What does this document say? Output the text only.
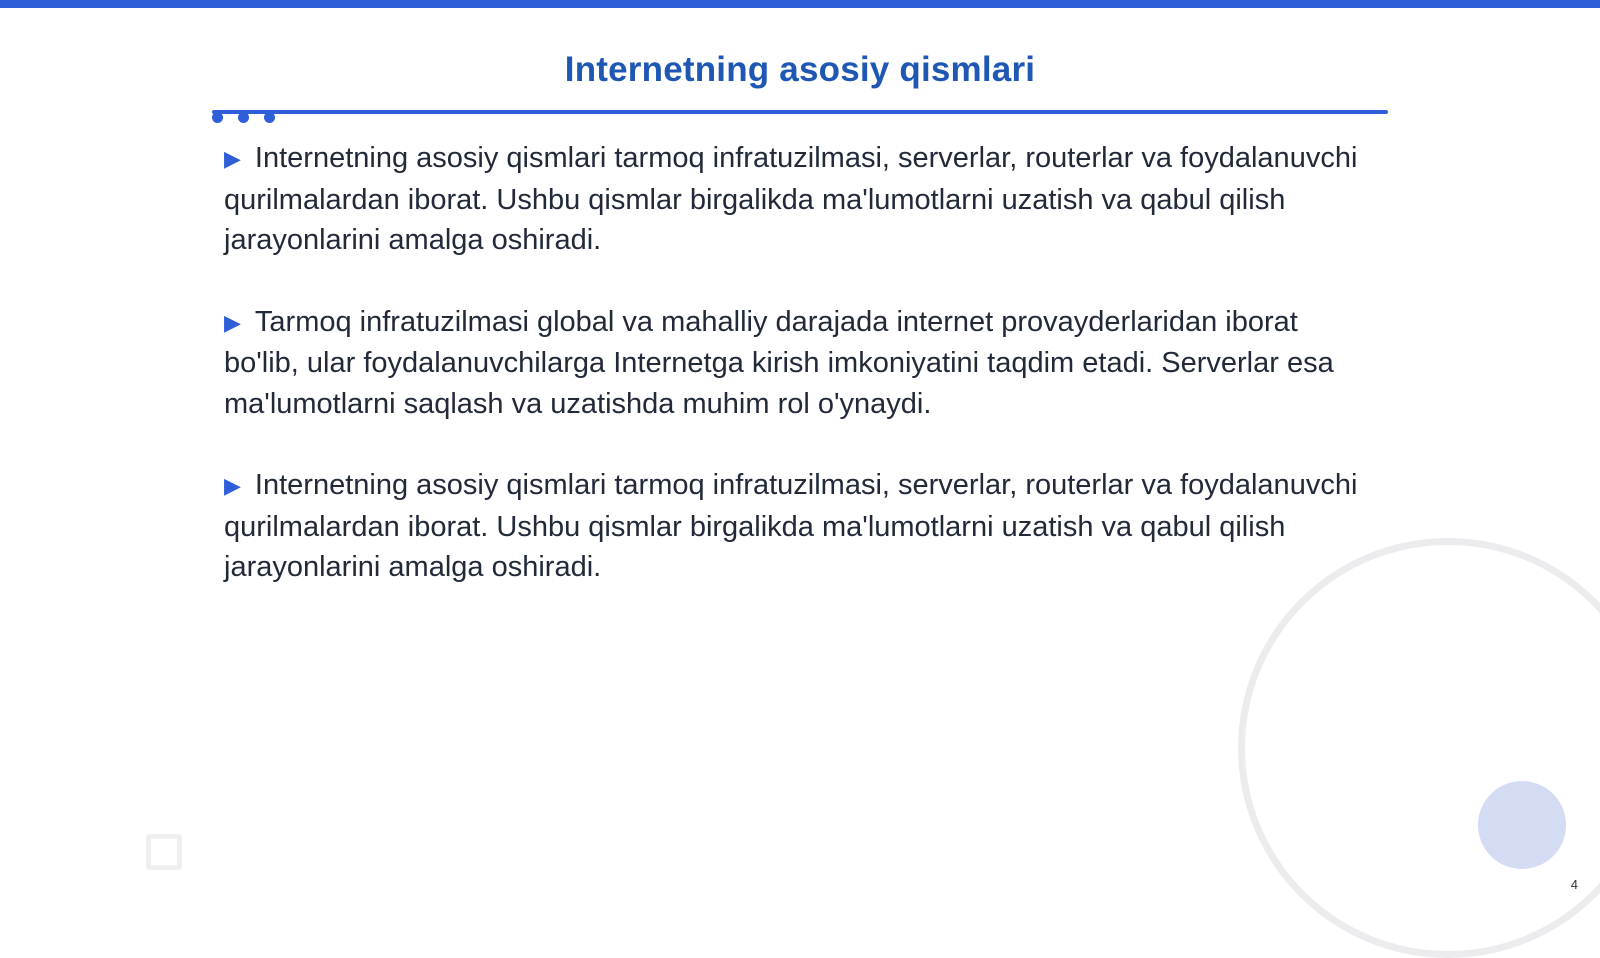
Internetning asosiy qismlari

▶ Internetning asosiy qismlari tarmoq infratuzilmasi, serverlar, routerlar va foydalanuvchi qurilmalardan iborat. Ushbu qismlar birgalikda ma'lumotlarni uzatish va qabul qilish jarayonlarini amalga oshiradi.

▶ Tarmoq infratuzilmasi global va mahalliy darajada internet provayderlaridan iborat bo'lib, ular foydalanuvchilarga Internetga kirish imkoniyatini taqdim etadi. Serverlar esa ma'lumotlarni saqlash va uzatishda muhim rol o'ynaydi.

▶ Internetning asosiy qismlari tarmoq infratuzilmasi, serverlar, routerlar va foydalanuvchi qurilmalardan iborat. Ushbu qismlar birgalikda ma'lumotlarni uzatish va qabul qilish jarayonlarini amalga oshiradi.

4
